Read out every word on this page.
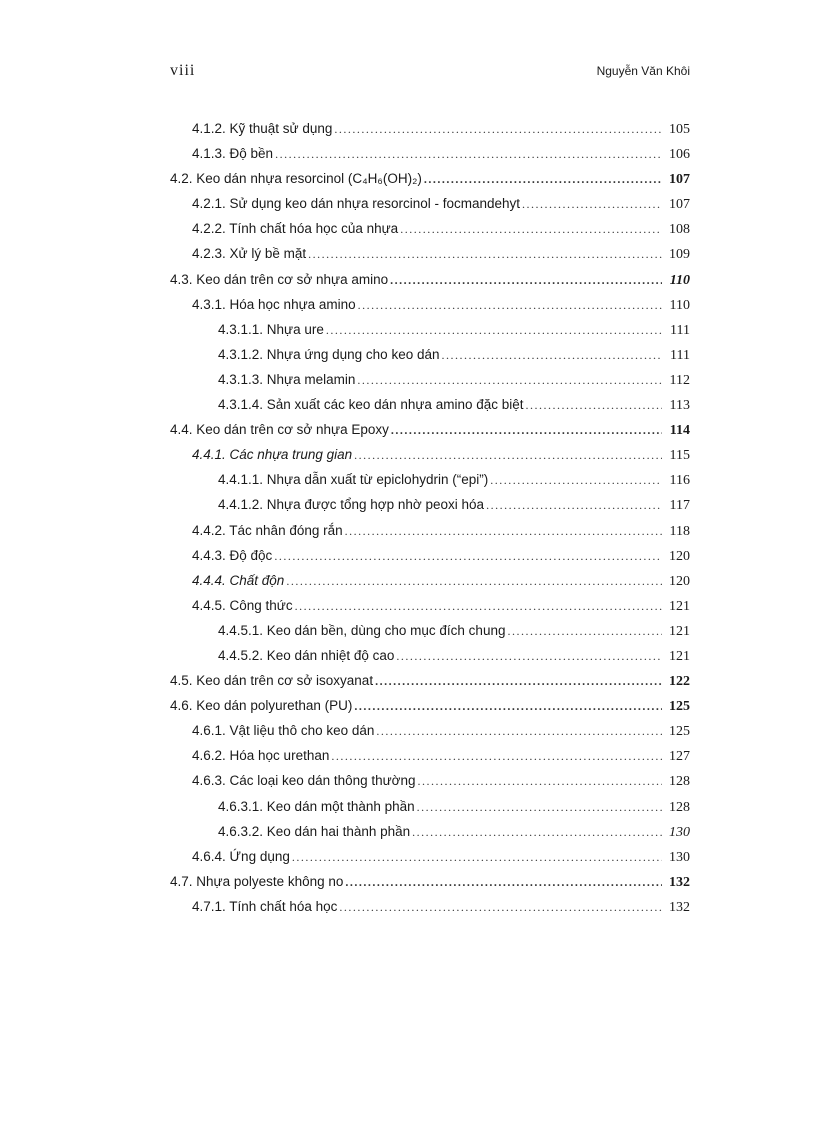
viii	Nguyễn Văn Khôi
4.1.2. Kỹ thuật sử dụng .....	105
4.1.3. Độ bền .....	106
4.2. Keo dán nhựa resorcinol (C₄H₆(OH)₂) .....	107
4.2.1. Sử dụng keo dán nhựa resorcinol - focmandehyt .....	107
4.2.2. Tính chất hóa học của nhựa .....	108
4.2.3. Xử lý bề mặt .....	109
4.3. Keo dán trên cơ sở nhựa amino .....	110
4.3.1. Hóa học nhựa amino .....	110
4.3.1.1. Nhựa ure .....	111
4.3.1.2. Nhựa ứng dụng cho keo dán .....	111
4.3.1.3. Nhựa melamin .....	112
4.3.1.4. Sản xuất các keo dán nhựa amino đặc biệt .....	113
4.4. Keo dán trên cơ sở nhựa Epoxy .....	114
4.4.1. Các nhựa trung gian .....	115
4.4.1.1. Nhựa dẫn xuất từ epiclohydrin (“epi”) .....	116
4.4.1.2. Nhựa được tổng hợp nhờ peoxi hóa .....	117
4.4.2. Tác nhân đóng rắn .....	118
4.4.3. Độ độc .....	120
4.4.4. Chất độn .....	120
4.4.5. Công thức .....	121
4.4.5.1. Keo dán bền, dùng cho mục đích chung .....	121
4.4.5.2. Keo dán nhiệt độ cao .....	121
4.5. Keo dán trên cơ sở isoxyanat .....	122
4.6. Keo dán polyurethan (PU) .....	125
4.6.1. Vật liệu thô cho keo dán .....	125
4.6.2. Hóa học urethan .....	127
4.6.3. Các loại keo dán thông thường .....	128
4.6.3.1. Keo dán một thành phần .....	128
4.6.3.2. Keo dán hai thành phần .....	130
4.6.4. Ứng dụng .....	130
4.7. Nhựa polyeste không no .....	132
4.7.1. Tính chất hóa học .....	132
